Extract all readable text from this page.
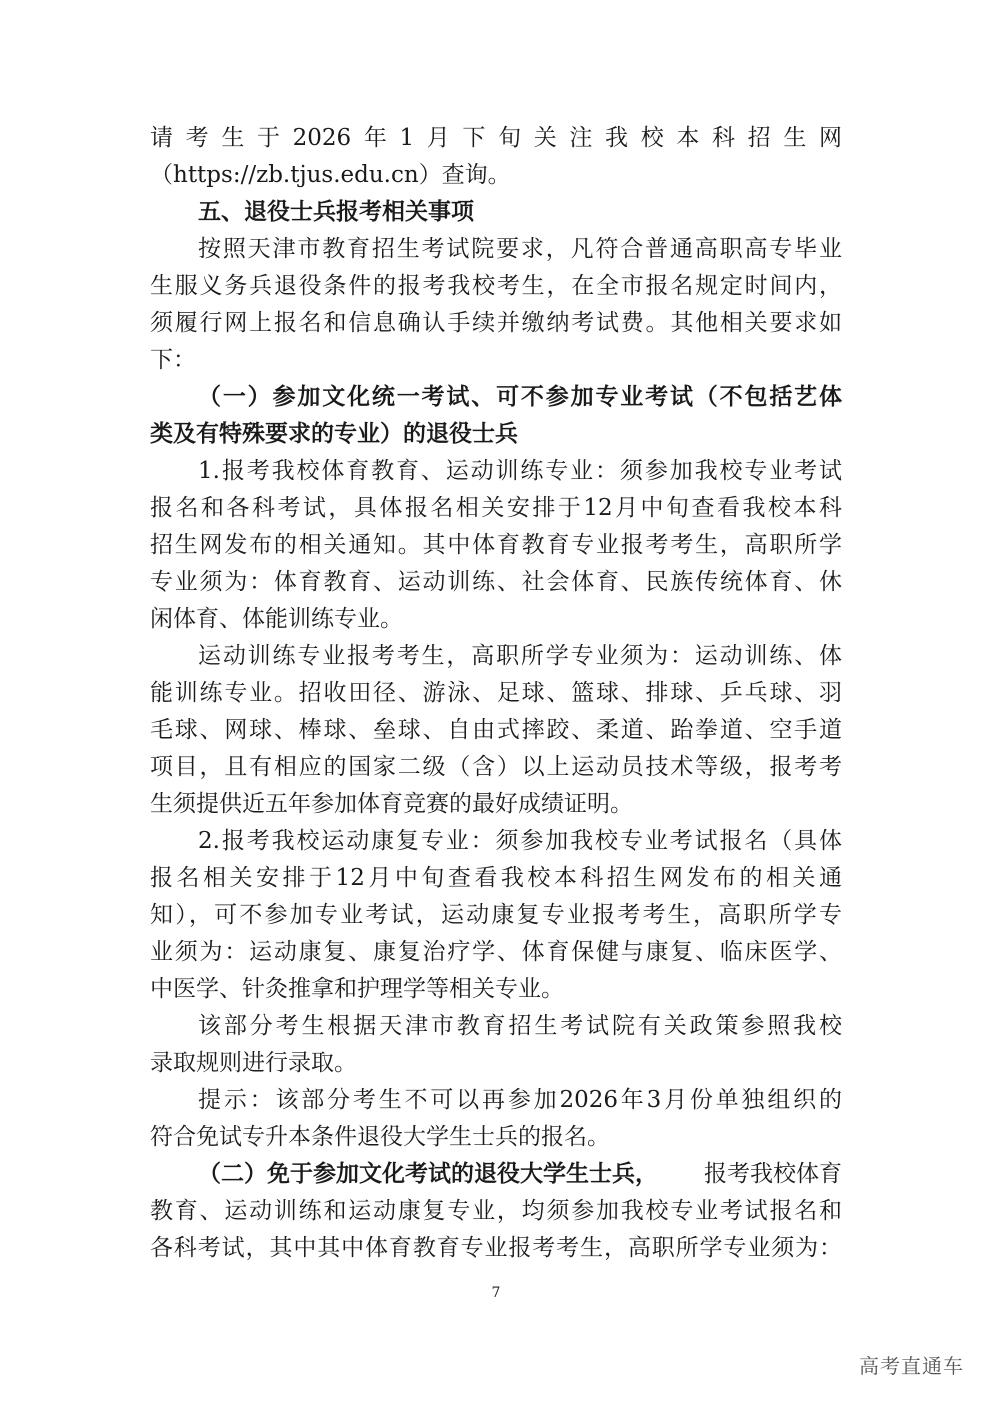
请考生于2026年1月下旬关注我校本科招生网
（https://zb.tjus.edu.cn）查询。
五、退役士兵报考相关事项
按照天津市教育招生考试院要求，凡符合普通高职高专毕业
生服义务兵退役条件的报考我校考生，在全市报名规定时间内，
须履行网上报名和信息确认手续并缴纳考试费。其他相关要求如
下：
（一）参加文化统一考试、可不参加专业考试（不包括艺体
类及有特殊要求的专业）的退役士兵
1.报考我校体育教育、运动训练专业：须参加我校专业考试
报名和各科考试，具体报名相关安排于12月中旬查看我校本科
招生网发布的相关通知。其中体育教育专业报考考生，高职所学
专业须为：体育教育、运动训练、社会体育、民族传统体育、休
闲体育、体能训练专业。
运动训练专业报考考生，高职所学专业须为：运动训练、体
能训练专业。招收田径、游泳、足球、篮球、排球、乒乓球、羽
毛球、网球、棒球、垒球、自由式摔跤、柔道、跆拳道、空手道
项目，且有相应的国家二级（含）以上运动员技术等级，报考考
生须提供近五年参加体育竞赛的最好成绩证明。
2.报考我校运动康复专业：须参加我校专业考试报名（具体
报名相关安排于12月中旬查看我校本科招生网发布的相关通
知），可不参加专业考试，运动康复专业报考考生，高职所学专
业须为：运动康复、康复治疗学、体育保健与康复、临床医学、
中医学、针灸推拿和护理学等相关专业。
该部分考生根据天津市教育招生考试院有关政策参照我校
录取规则进行录取。
提示：该部分考生不可以再参加2026年3月份单独组织的
符合免试专升本条件退役大学生士兵的报名。
（二）免于参加文化考试的退役大学生士兵， 报考我校体育
教育、运动训练和运动康复专业，均须参加我校专业考试报名和
各科考试，其中其中体育教育专业报考考生，高职所学专业须为：
7
高考直通车
